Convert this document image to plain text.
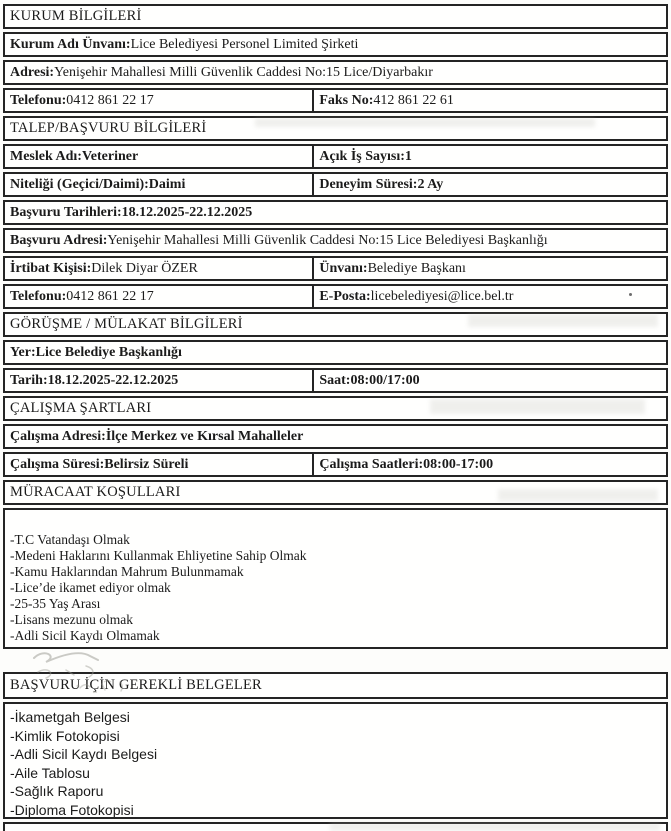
KURUM BİLGİLERİ
Kurum Adı Ünvanı: Lice Belediyesi Personel Limited Şirketi
Adresi: Yenişehir Mahallesi Milli Güvenlik Caddesi No:15 Lice/Diyarbakır
Telefonu: 0412 861 22 17	Faks No: 412 861 22 61
TALEP/BAŞVURU BİLGİLERİ
Meslek Adı: Veteriner	Açık İş Sayısı: 1
Niteliği (Geçici/Daimi): Daimi	Deneyim Süresi: 2 Ay
Başvuru Tarihleri: 18.12.2025-22.12.2025
Başvuru Adresi: Yenişehir Mahallesi Milli Güvenlik Caddesi No:15 Lice Belediyesi Başkanlığı
İrtibat Kişisi: Dilek Diyar ÖZER	Ünvanı: Belediye Başkanı
Telefonu: 0412 861 22 17	E-Posta: licebelediyesi@lice.bel.tr
GÖRÜŞME / MÜLAKAT BİLGİLERİ
Yer: Lice Belediye Başkanlığı
Tarih: 18.12.2025-22.12.2025	Saat: 08:00/17:00
ÇALIŞMA ŞARTLARI
Çalışma Adresi: İlçe Merkez ve Kırsal Mahalleler
Çalışma Süresi: Belirsiz Süreli	Çalışma Saatleri: 08:00-17:00
MÜRACAAT KOŞULLARI
-T.C Vatandaşı Olmak
-Medeni Haklarını Kullanmak Ehliyetine Sahip Olmak
-Kamu Haklarından Mahrum Bulunmamak
-Lice’de ikamet ediyor olmak
-25-35 Yaş Arası
-Lisans mezunu olmak
-Adli Sicil Kaydı Olmamak
BAŞVURU İÇİN GEREKLİ BELGELER
-İkametgah Belgesi
-Kimlik Fotokopisi
-Adli Sicil Kaydı Belgesi
-Aile Tablosu
-Sağlık Raporu
-Diploma Fotokopisi
